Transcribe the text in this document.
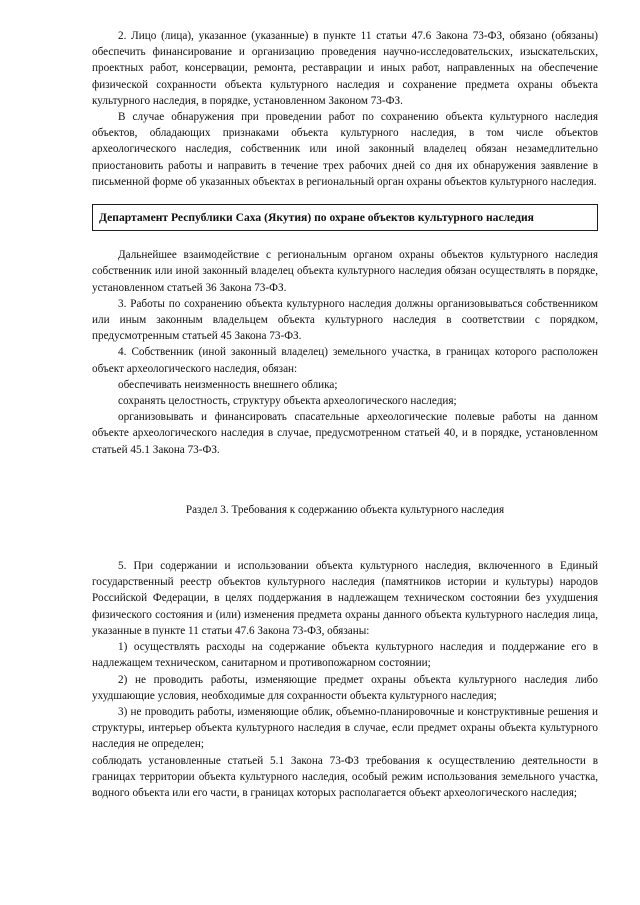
2. Лицо (лица), указанное (указанные) в пункте 11 статьи 47.6 Закона 73-ФЗ, обязано (обязаны) обеспечить финансирование и организацию проведения научно-исследовательских, изыскательских, проектных работ, консервации, ремонта, реставрации и иных работ, направленных на обеспечение физической сохранности объекта культурного наследия и сохранение предмета охраны объекта культурного наследия, в порядке, установленном Законом 73-ФЗ.

В случае обнаружения при проведении работ по сохранению объекта культурного наследия объектов, обладающих признаками объекта культурного наследия, в том числе объектов археологического наследия, собственник или иной законный владелец обязан незамедлительно приостановить работы и направить в течение трех рабочих дней со дня их обнаружения заявление в письменной форме об указанных объектах в региональный орган охраны объектов культурного наследия.

Департамент Республики Саха (Якутия) по охране объектов культурного наследия

Дальнейшее взаимодействие с региональным органом охраны объектов культурного наследия собственник или иной законный владелец объекта культурного наследия обязан осуществлять в порядке, установленном статьей 36 Закона 73-ФЗ.

3. Работы по сохранению объекта культурного наследия должны организовываться собственником или иным законным владельцем объекта культурного наследия в соответствии с порядком, предусмотренным статьей 45 Закона 73-ФЗ.

4. Собственник (иной законный владелец) земельного участка, в границах которого расположен объект археологического наследия, обязан:

обеспечивать неизменность внешнего облика;

сохранять целостность, структуру объекта археологического наследия;

организовывать и финансировать спасательные археологические полевые работы на данном объекте археологического наследия в случае, предусмотренном статьей 40, и в порядке, установленном статьей 45.1 Закона 73-ФЗ.

Раздел 3. Требования к содержанию объекта культурного наследия

5. При содержании и использовании объекта культурного наследия, включенного в Единый государственный реестр объектов культурного наследия (памятников истории и культуры) народов Российской Федерации, в целях поддержания в надлежащем техническом состоянии без ухудшения физического состояния и (или) изменения предмета охраны данного объекта культурного наследия лица, указанные в пункте 11 статьи 47.6 Закона 73-ФЗ, обязаны:

1) осуществлять расходы на содержание объекта культурного наследия и поддержание его в надлежащем техническом, санитарном и противопожарном состоянии;

2) не проводить работы, изменяющие предмет охраны объекта культурного наследия либо ухудшающие условия, необходимые для сохранности объекта культурного наследия;

3) не проводить работы, изменяющие облик, объемно-планировочные и конструктивные решения и структуры, интерьер объекта культурного наследия в случае, если предмет охраны объекта культурного наследия не определен;

соблюдать установленные статьей 5.1 Закона 73-ФЗ требования к осуществлению деятельности в границах территории объекта культурного наследия, особый режим использования земельного участка, водного объекта или его части, в границах которых располагается объект археологического наследия;
